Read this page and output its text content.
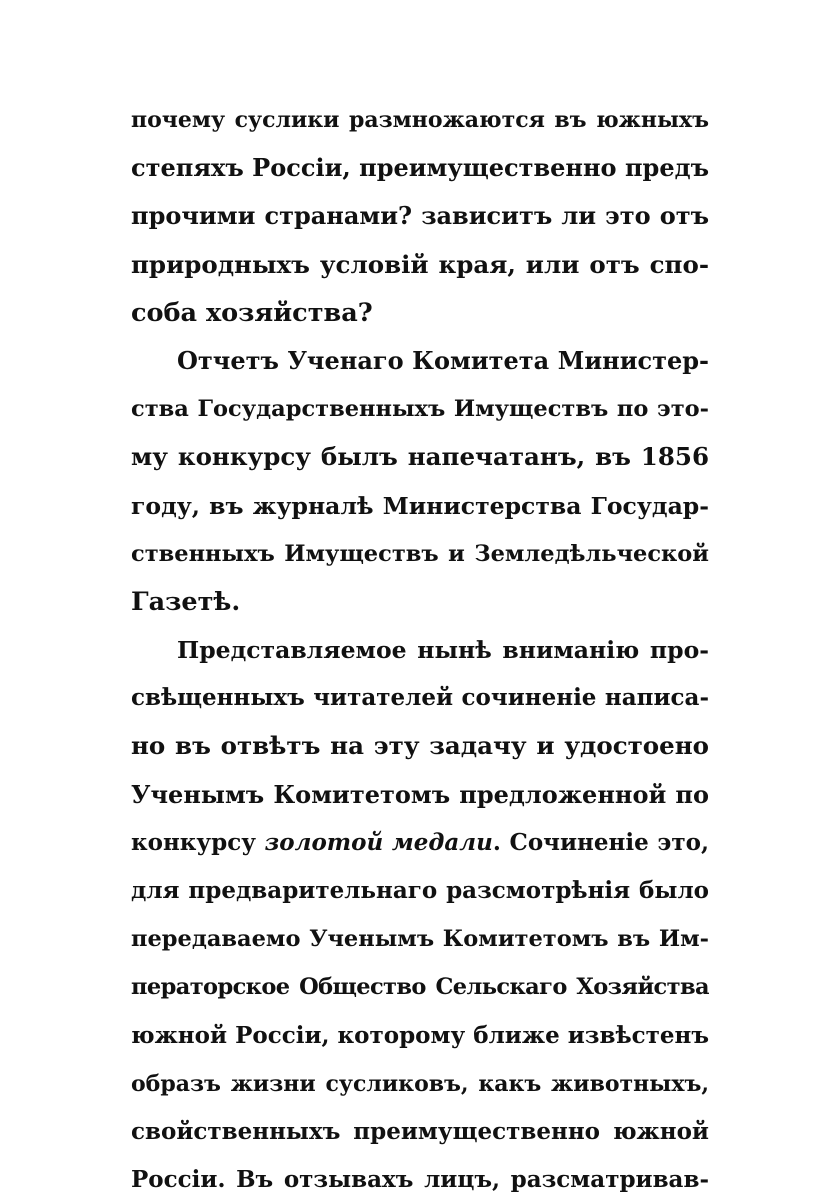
почему суслики размножаются въ южныхъ
степяхъ Россіи, преимущественно предъ
прочими странами? зависитъ ли это отъ
природныхъ условій края, или отъ спо-
соба хозяйства?
Отчетъ Ученаго Комитета Министер-
ства Государственныхъ Имуществъ по это-
му конкурсу былъ напечатанъ, въ 1856
году, въ журналѣ Министерства Государ-
ственныхъ Имуществъ и Земледѣльческой
Газетѣ.
Представляемое нынѣ вниманію про-
свѣщенныхъ читателей сочиненіе написа-
но въ отвѣтъ на эту задачу и удостоено
Ученымъ Комитетомъ предложенной по
конкурсу золотой медали. Сочиненіе это,
для предварительнаго разсмотрѣнія было
передаваемо Ученымъ Комитетомъ въ Им-
ператорское Общество Сельскаго Хозяйства
южной Россіи, которому ближе извѣстенъ
образъ жизни сусликовъ, какъ животныхъ,
свойственныхъ преимущественно южной
Россіи. Въ отзывахъ лицъ, разсматривав-
